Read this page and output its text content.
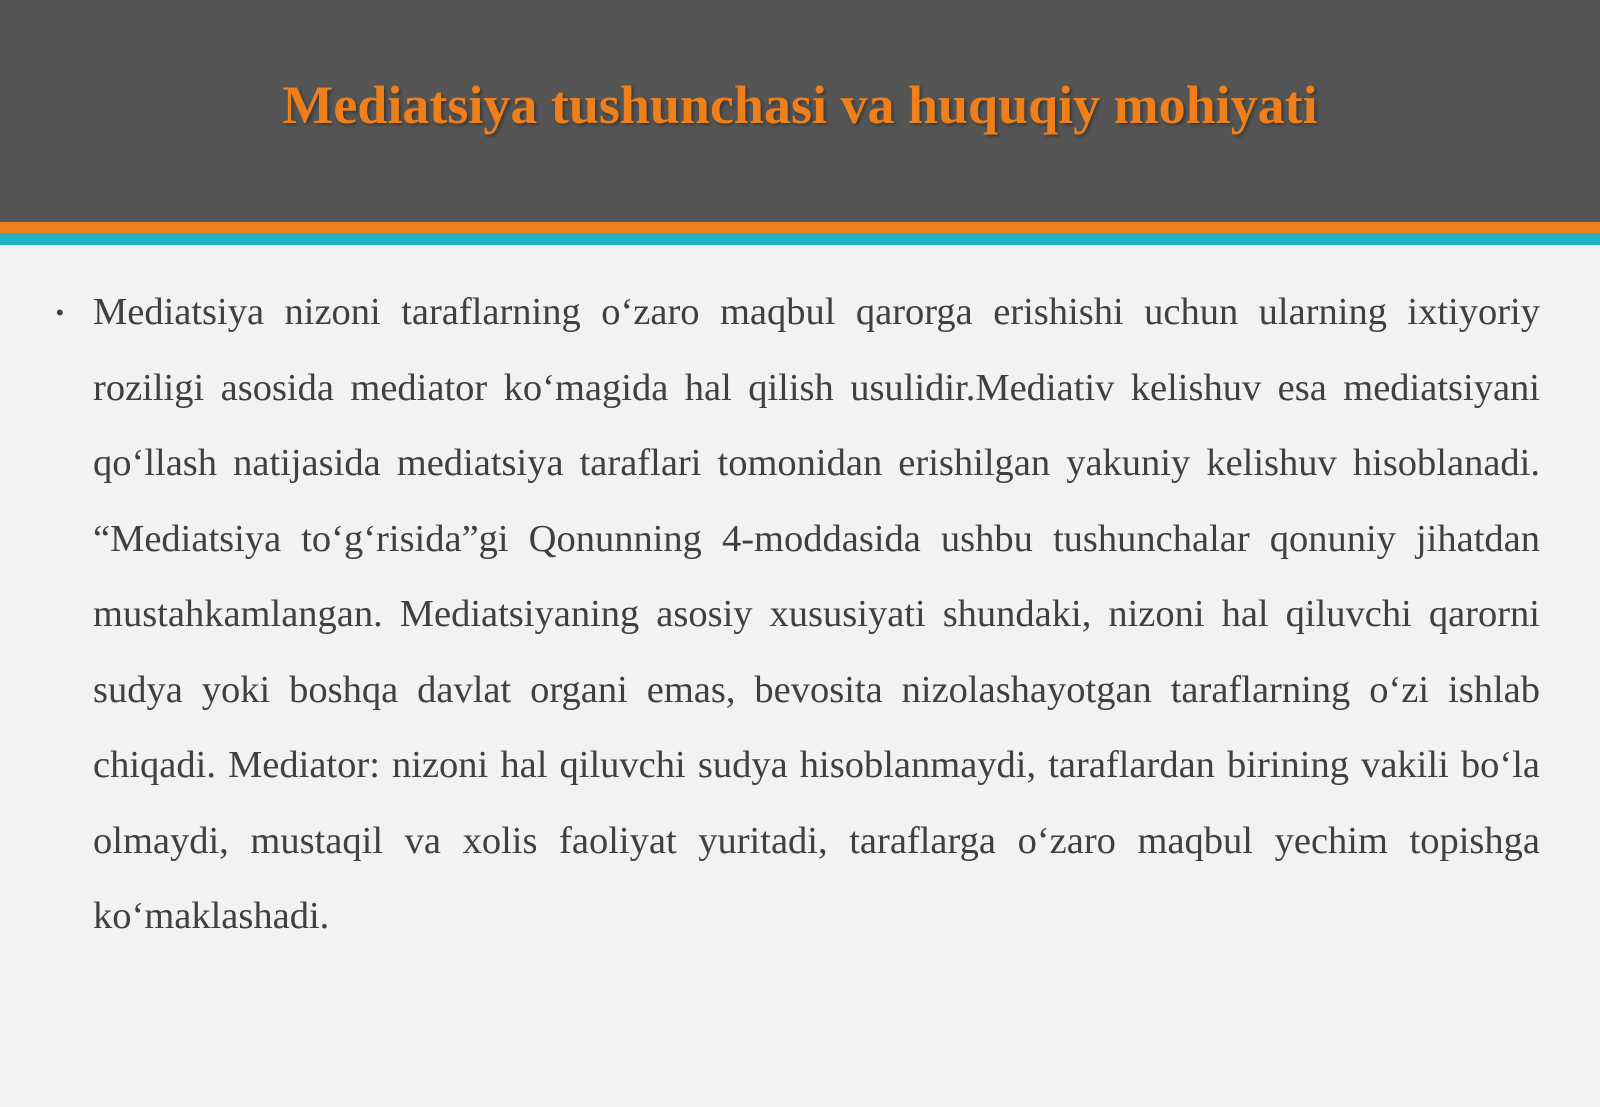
Mediatsiya tushunchasi va huquqiy mohiyati
• Mediatsiya nizoni taraflarning o‘zaro maqbul qarorga erishishi uchun ularning ixtiyoriy roziligi asosida mediator ko‘magida hal qilish usulidir.Mediativ kelishuv esa mediatsiyani qo‘llash natijasida mediatsiya taraflari tomonidan erishilgan yakuniy kelishuv hisoblanadi. “Mediatsiya to‘g‘risida”gi Qonunning 4-moddasida ushbu tushunchalar qonuniy jihatdan mustahkamlangan. Mediatsiyaning asosiy xususiyati shundaki, nizoni hal qiluvchi qarorni sudya yoki boshqa davlat organi emas, bevosita nizolashayotgan taraflarning o‘zi ishlab chiqadi. Mediator: nizoni hal qiluvchi sudya hisoblanmaydi, taraflardan birining vakili bo‘la olmaydi, mustaqil va xolis faoliyat yuritadi, taraflarga o‘zaro maqbul yechim topishga ko‘maklashadi.
